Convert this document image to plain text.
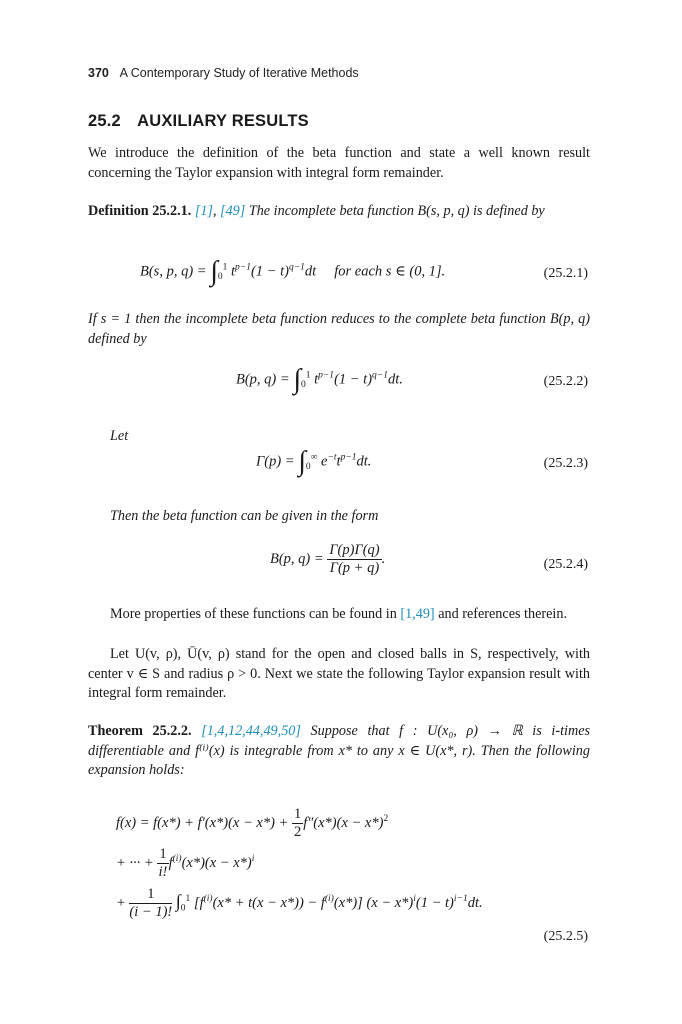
370 A Contemporary Study of Iterative Methods
25.2 AUXILIARY RESULTS
We introduce the definition of the beta function and state a well known result concerning the Taylor expansion with integral form remainder.
Definition 25.2.1. [1], [49] The incomplete beta function B(s, p, q) is defined by
B(s, p, $q) = \int_0^1$ $t^{p-1}(1 - t)^{q-1}dt$     for each s ∈ (0, 1].	(25.2.1)
If s = 1 then the incomplete beta function reduces to the complete beta function B(p, q) defined by
B(p, $q) = \int_0^1$ $t^{p-1}(1 - t)^{q-1}dt$.	(25.2.2)
Let
$\Gamma(p) = \int_0^\infty$ $e^{-t}t^{p-1}dt$.	(25.2.3)
Then the beta function can be given in the form
B(p, $q) = \frac{\Gamma(p)\Gamma(q)}{\Gamma(p + q)}$ .	(25.2.4)
More properties of these functions can be found in [1,49] and references therein.
Let U(v, ρ), Ū(v, ρ) stand for the open and closed balls in S, respectively, with center v ∈ S and radius ρ > 0. Next we state the following Taylor expansion result with integral form remainder.
Theorem 25.2.2. [1,4,12,44,49,50] Suppose that f : U(x₀, ρ) → ℝ is i-times differentiable and f⁽ⁱ⁾(x) is integrable from x* to any x ∈ U(x*, r). Then the following expansion holds:
$f(x) = f(x*) + f'(x*)(x - x*) + \frac{1}{2} f''(x*)(x - x*)^2$
+ ··· + $\frac{1}{i!} f^{(i)}(x*)(x - x*)^i$
+ $\frac{1}{(i - 1)!} \int_0^1$ $[f^{(i)}(x* + t(x - x*)) - f^{(i)}(x*)] (x - x*)^i(1 - t)^{i-1}dt$.
(25.2.5)
